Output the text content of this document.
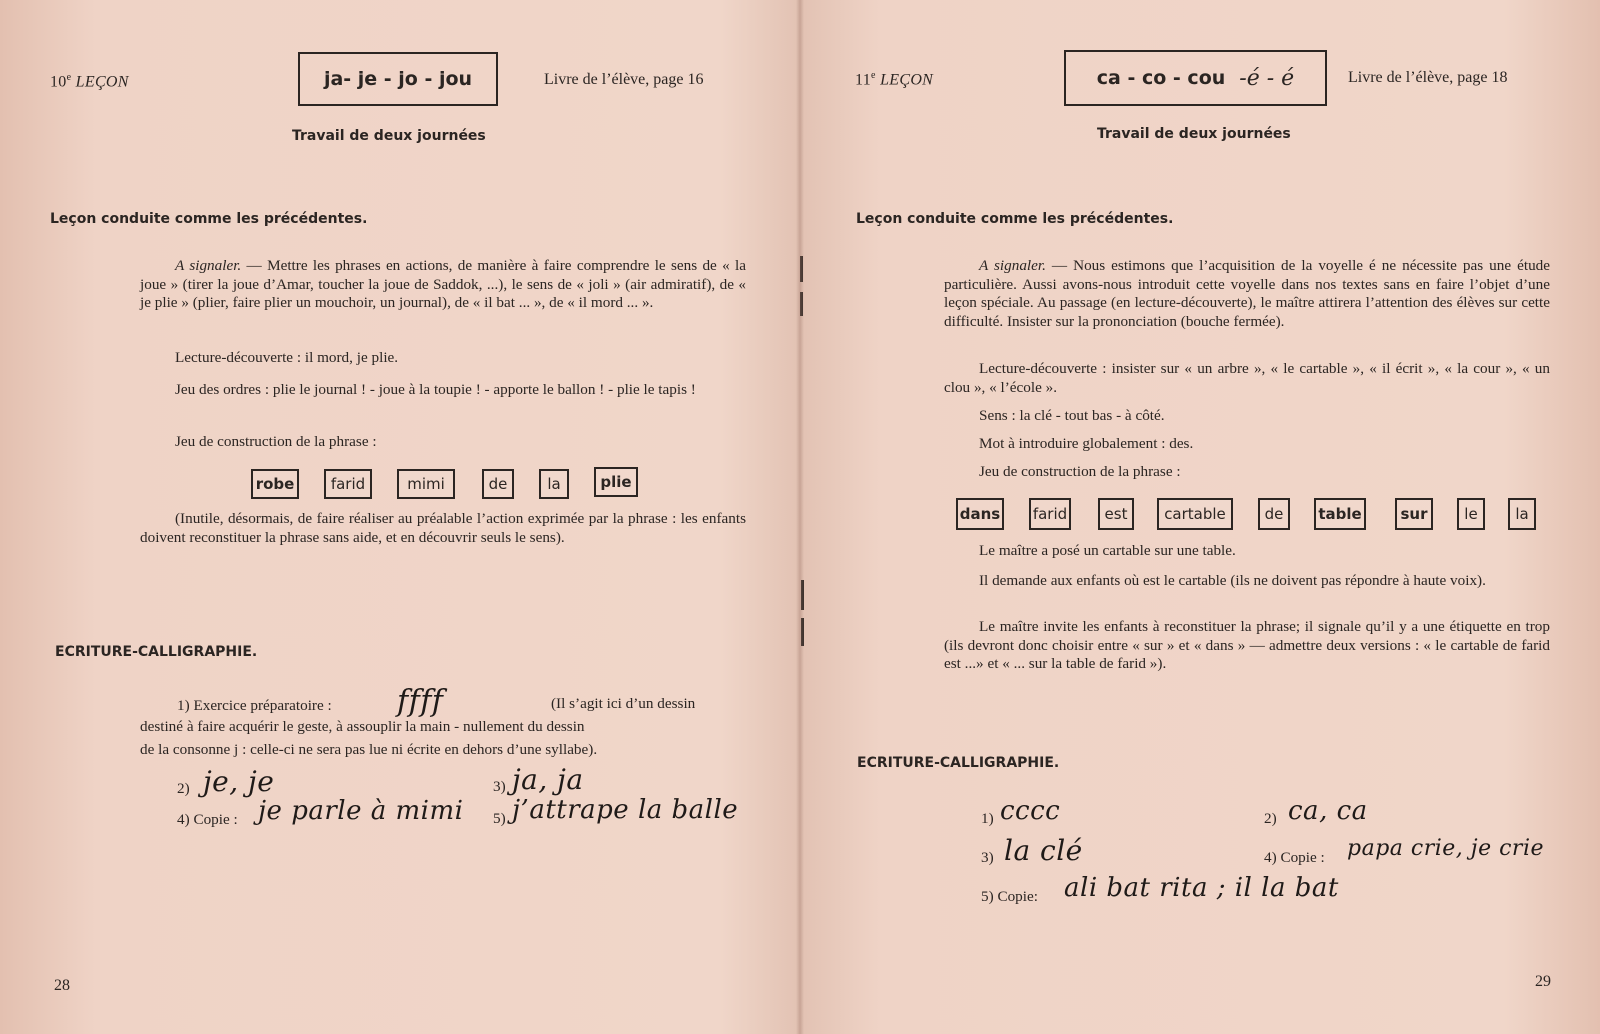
10e LEÇON	ja- je - jo - jou	Livre de l’élève, page 16
Travail de deux journées
Leçon conduite comme les précédentes.
A signaler. — Mettre les phrases en actions, de manière à faire comprendre le sens de « la joue » (tirer la joue d’Amar, toucher la joue de Saddok, ...), le sens de « joli » (air admiratif), de « je plie » (plier, faire plier un mouchoir, un journal), de « il bat ... », de « il mord ... ».
Lecture-découverte : il mord, je plie.
Jeu des ordres : plie le journal ! - joue à la toupie ! - apporte le ballon ! - plie le tapis !
Jeu de construction de la phrase :
robe	farid	mimi	de	la	plie
(Inutile, désormais, de faire réaliser au préalable l’action exprimée par la phrase : les enfants doivent reconstituer la phrase sans aide, et en découvrir seuls le sens).
ECRITURE-CALLIGRAPHIE.
1) Exercice préparatoire : ffff	(Il s’agit ici d’un dessin
destiné à faire acquérir le geste, à assouplir la main - nullement du dessin
de la consonne j : celle-ci ne sera pas lue ni écrite en dehors d’une syllabe).
2) je, je	3) ja, ja
4) Copie : je parle à mimi 5) j’attrape la balle
28
11e LEÇON	ca - co - cou -é - é	Livre de l’élève, page 18
Travail de deux journées
Leçon conduite comme les précédentes.
A signaler. — Nous estimons que l’acquisition de la voyelle é ne nécessite pas une étude particulière. Aussi avons-nous introduit cette voyelle dans nos textes sans en faire l’objet d’une leçon spéciale. Au passage (en lecture-découverte), le maître attirera l’attention des élèves sur cette difficulté. Insister sur la prononciation (bouche fermée).
Lecture-découverte : insister sur « un arbre », « le cartable », « il écrit », « la cour », « un clou », « l’école ».
Sens : la clé - tout bas - à côté.
Mot à introduire globalement : des.
Jeu de construction de la phrase :
dans farid	est	cartable	de	table	sur	le	la
Le maître a posé un cartable sur une table.
Il demande aux enfants où est le cartable (ils ne doivent pas répondre à haute voix).
Le maître invite les enfants à reconstituer la phrase; il signale qu’il y a une étiquette en trop (ils devront donc choisir entre « sur » et « dans » — admettre deux versions : « le cartable de farid est ...» et « ... sur la table de farid »).
ECRITURE-CALLIGRAPHIE.
1) cccc	2) ca, ca
3) la clé	4) Copie : papa crie, je crie
5) Copie: ali bat rita ; il la bat
29
